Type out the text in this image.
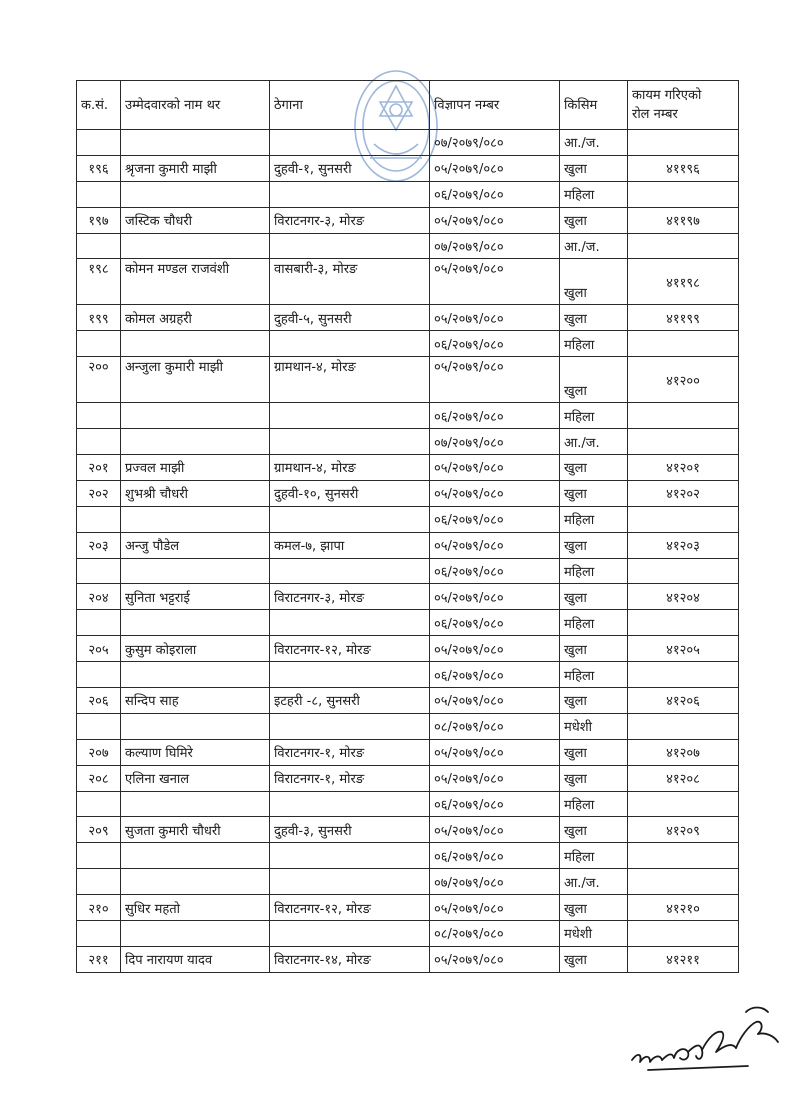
क.सं.	उम्मेदवारको नाम थर	ठेगाना	विज्ञापन नम्बर	किसिम	कायम गरिएको
रोल नम्बर

			०७/२०७९/०८०	आ./ज.	
१९६	श्रृजना कुमारी माझी	दुहवी-१, सुनसरी	०५/२०७९/०८०	खुला	४११९६
			०६/२०७९/०८०	महिला	
१९७	जस्टिक चौधरी	विराटनगर-३, मोरङ	०५/२०७९/०८०	खुला	४११९७
			०७/२०७९/०८०	आ./ज.	
१९८	कोमन मण्डल राजवंशी	वासबारी-३, मोरङ	०५/२०७९/०८०	खुला	४११९८
१९९	कोमल अग्रहरी	दुहवी-५, सुनसरी	०५/२०७९/०८०	खुला	४११९९
			०६/२०७९/०८०	महिला	
२००	अन्जुला कुमारी माझी	ग्रामथान-४, मोरङ	०५/२०७९/०८०	खुला	४१२००
			०६/२०७९/०८०	महिला	
			०७/२०७९/०८०	आ./ज.	
२०१	प्रज्वल माझी	ग्रामथान-४, मोरङ	०५/२०७९/०८०	खुला	४१२०१
२०२	शुभश्री चौधरी	दुहवी-१०, सुनसरी	०५/२०७९/०८०	खुला	४१२०२
			०६/२०७९/०८०	महिला	
२०३	अन्जु पौडेल	कमल-७, झापा	०५/२०७९/०८०	खुला	४१२०३
			०६/२०७९/०८०	महिला	
२०४	सुनिता भट्टराई	विराटनगर-३, मोरङ	०५/२०७९/०८०	खुला	४१२०४
			०६/२०७९/०८०	महिला	
२०५	कुसुम कोइराला	विराटनगर-१२, मोरङ	०५/२०७९/०८०	खुला	४१२०५
			०६/२०७९/०८०	महिला	
२०६	सन्दिप साह	इटहरी -८, सुनसरी	०५/२०७९/०८०	खुला	४१२०६
			०८/२०७९/०८०	मधेशी	
२०७	कल्याण घिमिरे	विराटनगर-१, मोरङ	०५/२०७९/०८०	खुला	४१२०७
२०८	एलिना खनाल	विराटनगर-१, मोरङ	०५/२०७९/०८०	खुला	४१२०८
			०६/२०७९/०८०	महिला	
२०९	सुजता कुमारी चौधरी	दुहवी-३, सुनसरी	०५/२०७९/०८०	खुला	४१२०९
			०६/२०७९/०८०	महिला	
			०७/२०७९/०८०	आ./ज.	
२१०	सुधिर महतो	विराटनगर-१२, मोरङ	०५/२०७९/०८०	खुला	४१२१०
			०८/२०७९/०८०	मधेशी	
२११	दिप नारायण यादव	विराटनगर-१४, मोरङ	०५/२०७९/०८०	खुला	४१२११
